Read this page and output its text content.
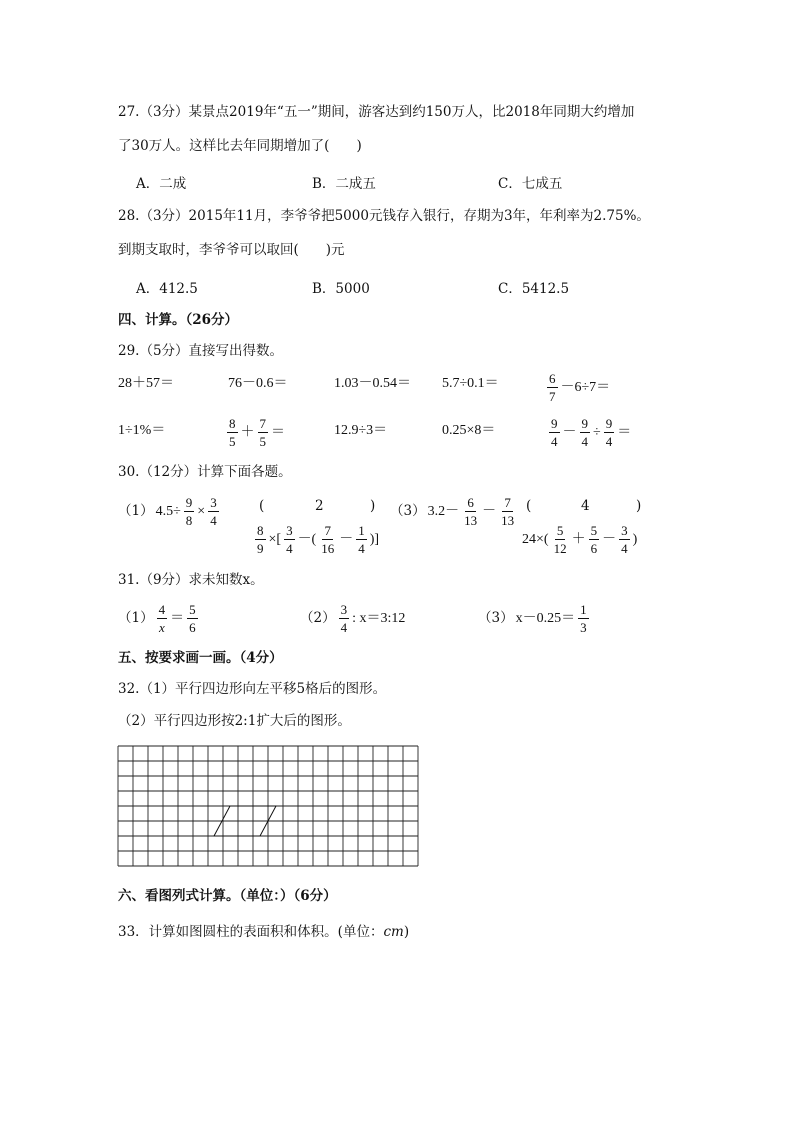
27.（3分）某景点2019年“五一”期间，游客达到约150万人，比2018年同期大约增加
了30万人。这样比去年同期增加了(　　)
A．二成	B．二成五	C．七成五
28.（3分）2015年11月，李爷爷把5000元钱存入银行，存期为3年，年利率为2.75%。
到期支取时，李爷爷可以取回(　　)元
A．412.5	B．5000	C．5412.5
四、计算。（26分）
29.（5分）直接写出得数。
28＋57＝	76－0.6＝	1.03－0.54＝ 5.7÷0.1＝	$\frac{6}{7} -6\div 7=$
1÷1%＝	$\frac{8}{5} + \frac{7}{5}$ ＝	12.9÷3＝	0.25×8＝	$\frac{9}{4} - \frac{9}{4} \div \frac{9}{4}$ ＝
30.（12分）计算下面各题。
（1） $4.5\div \frac{9}{8} \times \frac{3}{4}$	(	2	)
$\frac{8}{9}$ ×[ $\frac{3}{4}$ －( $\frac{7}{16} - \frac{1}{4}$ )]
（3） $3.2- \frac{6}{13} - \frac{7}{13}$ (	4	)
$24\times( \frac{5}{12} + \frac{5}{6} - \frac{3}{4}$ )
31.（9分）求未知数x。
$(1) \frac{4}{x} = \frac{5}{6}$	$(2) \frac{3}{4}$ : x＝3:12	（3） $x-0.25= \frac{1}{3}$
五、按要求画一画。（4分）
32.（1）平行四边形向左平移5格后的图形。
（2）平行四边形按2:1扩大后的图形。
六、看图列式计算。（单位：）（6分）
33．计算如图圆柱的表面积和体积。(单位：cm)
